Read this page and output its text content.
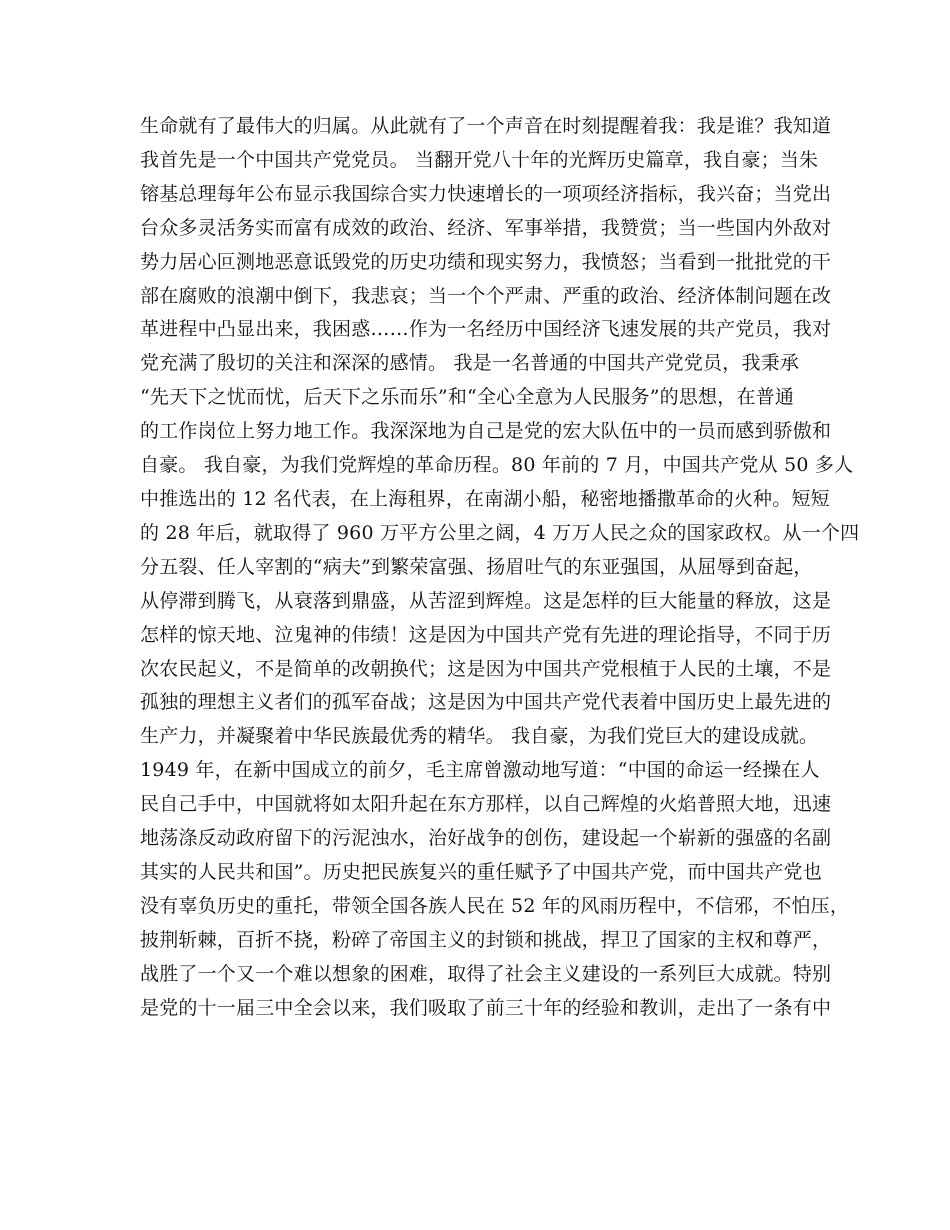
生命就有了最伟大的归属。从此就有了一个声音在时刻提醒着我：我是谁？我知道
我首先是一个中国共产党党员。 当翻开党八十年的光辉历史篇章，我自豪；当朱
镕基总理每年公布显示我国综合实力快速增长的一项项经济指标，我兴奋；当党出
台众多灵活务实而富有成效的政治、经济、军事举措，我赞赏；当一些国内外敌对
势力居心叵测地恶意诋毁党的历史功绩和现实努力，我愤怒；当看到一批批党的干
部在腐败的浪潮中倒下，我悲哀；当一个个严肃、严重的政治、经济体制问题在改
革进程中凸显出来，我困惑……作为一名经历中国经济飞速发展的共产党员，我对
党充满了殷切的关注和深深的感情。 我是一名普通的中国共产党党员，我秉承
“先天下之忧而忧，后天下之乐而乐”和“全心全意为人民服务”的思想，在普通
的工作岗位上努力地工作。我深深地为自己是党的宏大队伍中的一员而感到骄傲和
自豪。 我自豪，为我们党辉煌的革命历程。80 年前的 7 月，中国共产党从 50 多人
中推选出的 12 名代表，在上海租界，在南湖小船，秘密地播撒革命的火种。短短
的 28 年后，就取得了 960 万平方公里之阔，4 万万人民之众的国家政权。从一个四
分五裂、任人宰割的“病夫”到繁荣富强、扬眉吐气的东亚强国，从屈辱到奋起，
从停滞到腾飞，从衰落到鼎盛，从苦涩到辉煌。这是怎样的巨大能量的释放，这是
怎样的惊天地、泣鬼神的伟绩！这是因为中国共产党有先进的理论指导，不同于历
次农民起义，不是简单的改朝换代；这是因为中国共产党根植于人民的土壤，不是
孤独的理想主义者们的孤军奋战；这是因为中国共产党代表着中国历史上最先进的
生产力，并凝聚着中华民族最优秀的精华。 我自豪，为我们党巨大的建设成就。
1949 年，在新中国成立的前夕，毛主席曾激动地写道：“中国的命运一经操在人
民自己手中，中国就将如太阳升起在东方那样，以自己辉煌的火焰普照大地，迅速
地荡涤反动政府留下的污泥浊水，治好战争的创伤，建设起一个崭新的强盛的名副
其实的人民共和国”。历史把民族复兴的重任赋予了中国共产党，而中国共产党也
没有辜负历史的重托，带领全国各族人民在 52 年的风雨历程中，不信邪，不怕压，
披荆斩棘，百折不挠，粉碎了帝国主义的封锁和挑战，捍卫了国家的主权和尊严，
战胜了一个又一个难以想象的困难，取得了社会主义建设的一系列巨大成就。特别
是党的十一届三中全会以来，我们吸取了前三十年的经验和教训，走出了一条有中
